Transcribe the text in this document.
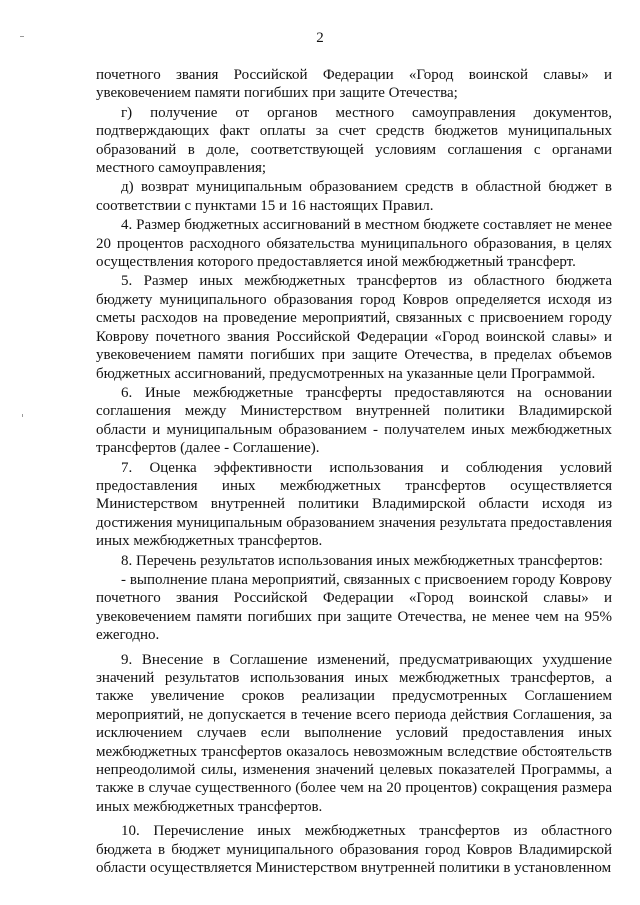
2

почетного звания Российской Федерации «Город воинской славы» и увековечением памяти погибших при защите Отечества;

г) получение от органов местного самоуправления документов, подтверждающих факт оплаты за счет средств бюджетов муниципальных образований в доле, соответствующей условиям соглашения с органами местного самоуправления;

д) возврат муниципальным образованием средств в областной бюджет в соответствии с пунктами 15 и 16 настоящих Правил.

4. Размер бюджетных ассигнований в местном бюджете составляет не менее 20 процентов расходного обязательства муниципального образования, в целях осуществления которого предоставляется иной межбюджетный трансферт.

5. Размер иных межбюджетных трансфертов из областного бюджета бюджету муниципального образования город Ковров определяется исходя из сметы расходов на проведение мероприятий, связанных с присвоением городу Коврову почетного звания Российской Федерации «Город воинской славы» и увековечением памяти погибших при защите Отечества, в пределах объемов бюджетных ассигнований, предусмотренных на указанные цели Программой.

6. Иные межбюджетные трансферты предоставляются на основании соглашения между Министерством внутренней политики Владимирской области и муниципальным образованием - получателем иных межбюджетных трансфертов (далее - Соглашение).

7. Оценка эффективности использования и соблюдения условий предоставления иных межбюджетных трансфертов осуществляется Министерством внутренней политики Владимирской области исходя из достижения муниципальным образованием значения результата предоставления иных межбюджетных трансфертов.

8. Перечень результатов использования иных межбюджетных трансфертов:

- выполнение плана мероприятий, связанных с присвоением городу Коврову почетного звания Российской Федерации «Город воинской славы» и увековечением памяти погибших при защите Отечества, не менее чем на 95% ежегодно.

9. Внесение в Соглашение изменений, предусматривающих ухудшение значений результатов использования иных межбюджетных трансфертов, а также увеличение сроков реализации предусмотренных Соглашением мероприятий, не допускается в течение всего периода действия Соглашения, за исключением случаев если выполнение условий предоставления иных межбюджетных трансфертов оказалось невозможным вследствие обстоятельств непреодолимой силы, изменения значений целевых показателей Программы, а также в случае существенного (более чем на 20 процентов) сокращения размера иных межбюджетных трансфертов.

10. Перечисление иных межбюджетных трансфертов из областного бюджета в бюджет муниципального образования город Ковров Владимирской области осуществляется Министерством внутренней политики в установленном
